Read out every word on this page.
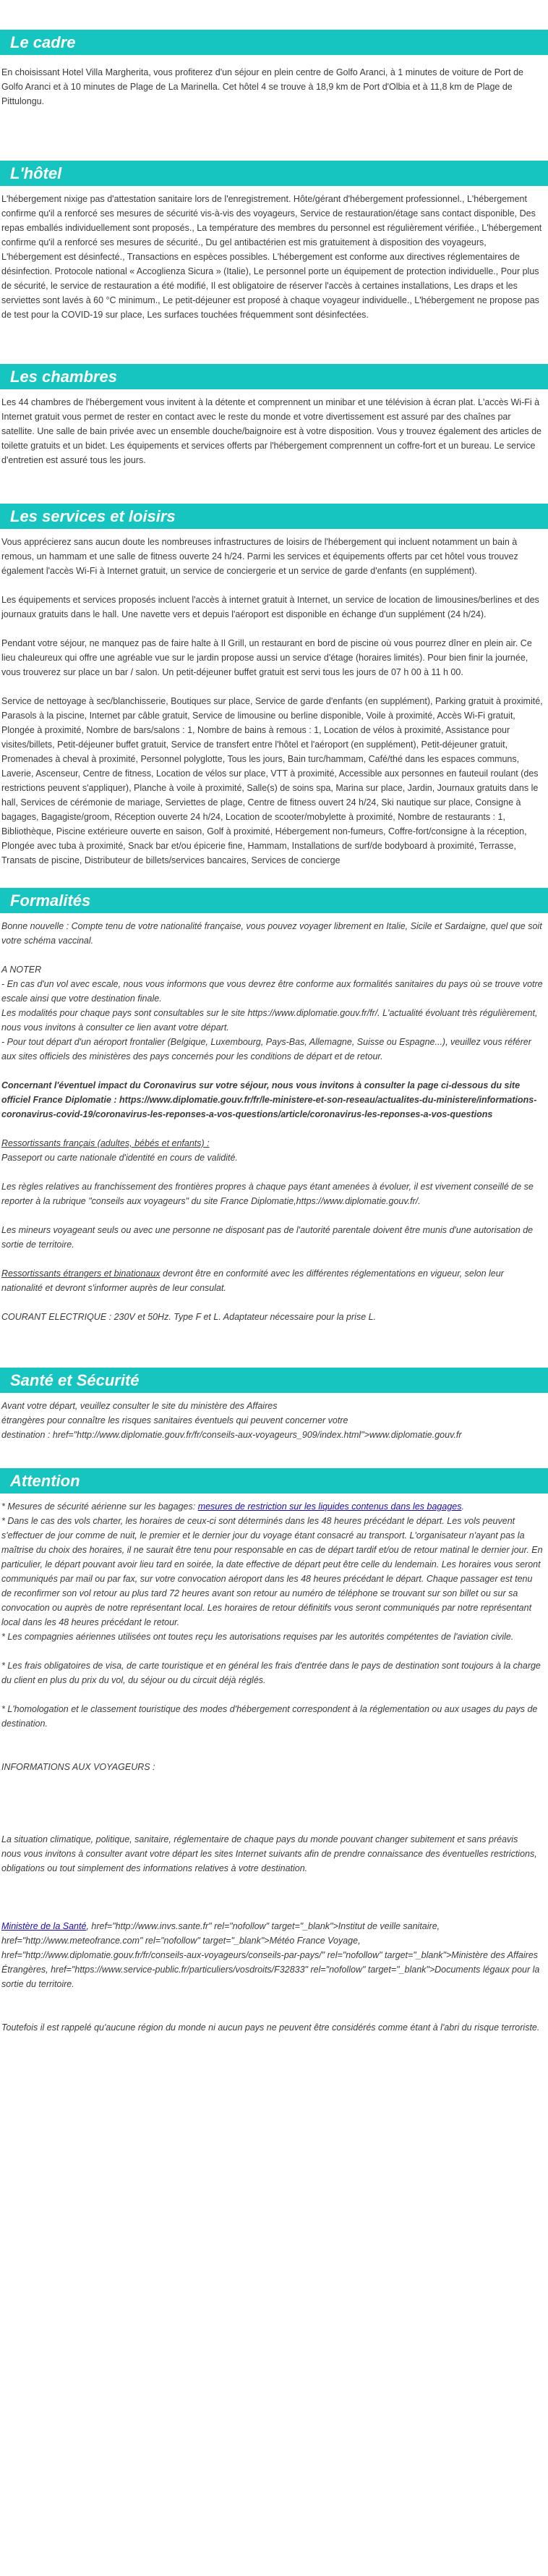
Le cadre

En choisissant Hotel Villa Margherita, vous profiterez d'un séjour en plein centre de Golfo Aranci, à 1 minutes de voiture de Port de Golfo Aranci et à 10 minutes de Plage de La Marinella. Cet hôtel 4 se trouve à 18,9 km de Port d'Olbia et à 11,8 km de Plage de Pittulongu.

L'hôtel

L'hébergement nixige pas d'attestation sanitaire lors de l'enregistrement. Hôte/gérant d'hébergement professionnel., L'hébergement confirme qu'il a renforcé ses mesures de sécurité vis-à-vis des voyageurs, Service de restauration/étage sans contact disponible, Des repas emballés individuellement sont proposés., La température des membres du personnel est régulièrement vérifiée., L'hébergement confirme qu'il a renforcé ses mesures de sécurité., Du gel antibactérien est mis gratuitement à disposition des voyageurs, L'hébergement est désinfecté., Transactions en espèces possibles. L'hébergement est conforme aux directives réglementaires de désinfection. Protocole national « Accoglienza Sicura » (Italie), Le personnel porte un équipement de protection individuelle., Pour plus de sécurité, le service de restauration a été modifié, Il est obligatoire de réserver l'accès à certaines installations, Les draps et les serviettes sont lavés à 60 °C minimum., Le petit-déjeuner est proposé à chaque voyageur individuelle., L'hébergement ne propose pas de test pour la COVID-19 sur place, Les surfaces touchées fréquemment sont désinfectées.

Les chambres

Les 44 chambres de l'hébergement vous invitent à la détente et comprennent un minibar et une télévision à écran plat. L'accès Wi-Fi à Internet gratuit vous permet de rester en contact avec le reste du monde et votre divertissement est assuré par des chaînes par satellite. Une salle de bain privée avec un ensemble douche/baignoire est à votre disposition. Vous y trouvez également des articles de toilette gratuits et un bidet. Les équipements et services offerts par l'hébergement comprennent un coffre-fort et un bureau. Le service d'entretien est assuré tous les jours.

Les services et loisirs

Vous apprécierez sans aucun doute les nombreuses infrastructures de loisirs de l'hébergement qui incluent notamment un bain à remous, un hammam et une salle de fitness ouverte 24 h/24. Parmi les services et équipements offerts par cet hôtel vous trouvez également l'accès Wi-Fi à Internet gratuit, un service de conciergerie et un service de garde d'enfants (en supplément).

Les équipements et services proposés incluent l'accès à internet gratuit à Internet, un service de location de limousines/berlines et des journaux gratuits dans le hall. Une navette vers et depuis l'aéroport est disponible en échange d'un supplément (24 h/24).

Pendant votre séjour, ne manquez pas de faire halte à Il Grill, un restaurant en bord de piscine où vous pourrez dîner en plein air. Ce lieu chaleureux qui offre une agréable vue sur le jardin propose aussi un service d'étage (horaires limités). Pour bien finir la journée, vous trouverez sur place un bar / salon. Un petit-déjeuner buffet gratuit est servi tous les jours de 07 h 00 à 11 h 00.

Service de nettoyage à sec/blanchisserie, Boutiques sur place, Service de garde d'enfants (en supplément), Parking gratuit à proximité, Parasols à la piscine, Internet par câble gratuit, Service de limousine ou berline disponible, Voile à proximité, Accès Wi-Fi gratuit, Plongée à proximité, Nombre de bars/salons : 1, Nombre de bains à remous : 1, Location de vélos à proximité, Assistance pour visites/billets, Petit-déjeuner buffet gratuit, Service de transfert entre l'hôtel et l'aéroport (en supplément), Petit-déjeuner gratuit, Promenades à cheval à proximité, Personnel polyglotte, Tous les jours, Bain turc/hammam, Café/thé dans les espaces communs, Laverie, Ascenseur, Centre de fitness, Location de vélos sur place, VTT à proximité, Accessible aux personnes en fauteuil roulant (des restrictions peuvent s'appliquer), Planche à voile à proximité, Salle(s) de soins spa, Marina sur place, Jardin, Journaux gratuits dans le hall, Services de cérémonie de mariage, Serviettes de plage, Centre de fitness ouvert 24 h/24, Ski nautique sur place, Consigne à bagages, Bagagiste/groom, Réception ouverte 24 h/24, Location de scooter/mobylette à proximité, Nombre de restaurants : 1, Bibliothèque, Piscine extérieure ouverte en saison, Golf à proximité, Hébergement non-fumeurs, Coffre-fort/consigne à la réception, Plongée avec tuba à proximité, Snack bar et/ou épicerie fine, Hammam, Installations de surf/de bodyboard à proximité, Terrasse, Transats de piscine, Distributeur de billets/services bancaires, Services de concierge

Formalités

Bonne nouvelle : Compte tenu de votre nationalité française, vous pouvez voyager librement en Italie, Sicile et Sardaigne, quel que soit votre schéma vaccinal.

A NOTER
- En cas d'un vol avec escale, nous vous informons que vous devrez être conforme aux formalités sanitaires du pays où se trouve votre escale ainsi que votre destination finale.
Les modalités pour chaque pays sont consultables sur le site https://www.diplomatie.gouv.fr/fr/. L'actualité évoluant très régulièrement, nous vous invitons à consulter ce lien avant votre départ.

- Pour tout départ d'un aéroport frontalier (Belgique, Luxembourg, Pays-Bas, Allemagne, Suisse ou Espagne...), veuillez vous référer aux sites officiels des ministères des pays concernés pour les conditions de départ et de retour.

Concernant l'éventuel impact du Coronavirus sur votre séjour, nous vous invitons à consulter la page ci-dessous du site officiel France Diplomatie : https://www.diplomatie.gouv.fr/fr/le-ministere-et-son-reseau/actualites-du-ministere/informations-coronavirus-covid-19/coronavirus-les-reponses-a-vos-questions/article/coronavirus-les-reponses-a-vos-questions

Ressortissants français (adultes, bébés et enfants) :

Passeport ou carte nationale d'identité en cours de validité.

Les règles relatives au franchissement des frontières propres à chaque pays étant amenées à évoluer, il est vivement conseillé de se reporter à la rubrique "conseils aux voyageurs" du site France Diplomatie,https://www.diplomatie.gouv.fr/.

Les mineurs voyageant seuls ou avec une personne ne disposant pas de l'autorité parentale doivent être munis d'une autorisation de sortie de territoire.

Ressortissants étrangers et binationaux devront être en conformité avec les différentes réglementations en vigueur, selon leur nationalité et devront s'informer auprès de leur consulat.

COURANT ELECTRIQUE : 230V et 50Hz. Type F et L. Adaptateur nécessaire pour la prise L.

Santé et Sécurité
Avant votre départ, veuillez consulter le site du ministère des Affaires
étrangères pour connaître les risques sanitaires éventuels qui peuvent concerner votre
destination : href="http://www.diplomatie.gouv.fr/fr/conseils-aux-voyageurs_909/index.html">www.diplomatie.gouv.fr
Attention
* Mesures de sécurité aérienne sur les bagages: mesures de restriction sur les liquides contenus dans les bagages.
* Dans le cas des vols charter, les horaires de ceux-ci sont déterminés dans les 48 heures précédant le départ. Les vols peuvent s'effectuer de jour comme de nuit, le premier et le dernier jour du voyage étant consacré au transport. L'organisateur n'ayant pas la maîtrise du choix des horaires, il ne saurait être tenu pour responsable en cas de départ tardif et/ou de retour matinal le dernier jour. En particulier, le départ pouvant avoir lieu tard en soirée, la date effective de départ peut être celle du lendemain. Les horaires vous seront communiqués par mail ou par fax, sur votre convocation aéroport dans les 48 heures précédant le départ. Chaque passager est tenu de reconfirmer son vol retour au plus tard 72 heures avant son retour au numéro de téléphone se trouvant sur son billet ou sur sa convocation ou auprès de notre représentant local. Les horaires de retour définitifs vous seront communiqués par notre représentant local dans les 48 heures précédant le retour.
* Les compagnies aériennes utilisées ont toutes reçu les autorisations requises par les autorités compétentes de l'aviation civile.

* Les frais obligatoires de visa, de carte touristique et en général les frais d'entrée dans le pays de destination sont toujours à la charge du client en plus du prix du vol, du séjour ou du circuit déjà réglés.

* L'homologation et le classement touristique des modes d'hébergement correspondent à la réglementation ou aux usages du pays de destination.

INFORMATIONS AUX VOYAGEURS :
La situation climatique, politique, sanitaire, réglementaire de chaque pays du monde pouvant changer subitement et sans préavis

nous vous invitons à consulter avant votre départ les sites Internet suivants afin de prendre connaissance des éventuelles restrictions, obligations ou tout simplement des informations relatives à votre destination.

Ministère de la Santé, href="http://www.invs.sante.fr" rel="nofollow" target="_blank">Institut de veille sanitaire, href="http://www.meteofrance.com" rel="nofollow" target="_blank">Météo France Voyage, href="http://www.diplomatie.gouv.fr/fr/conseils-aux-voyageurs/conseils-par-pays/" rel="nofollow" target="_blank">Ministère des Affaires Étrangères, href="https://www.service-public.fr/particuliers/vosdroits/F32833" rel="nofollow" target="_blank">Documents légaux pour la sortie du territoire.

Toutefois il est rappelé qu'aucune région du monde ni aucun pays ne peuvent être considérés comme étant à l'abri du risque terroriste.
